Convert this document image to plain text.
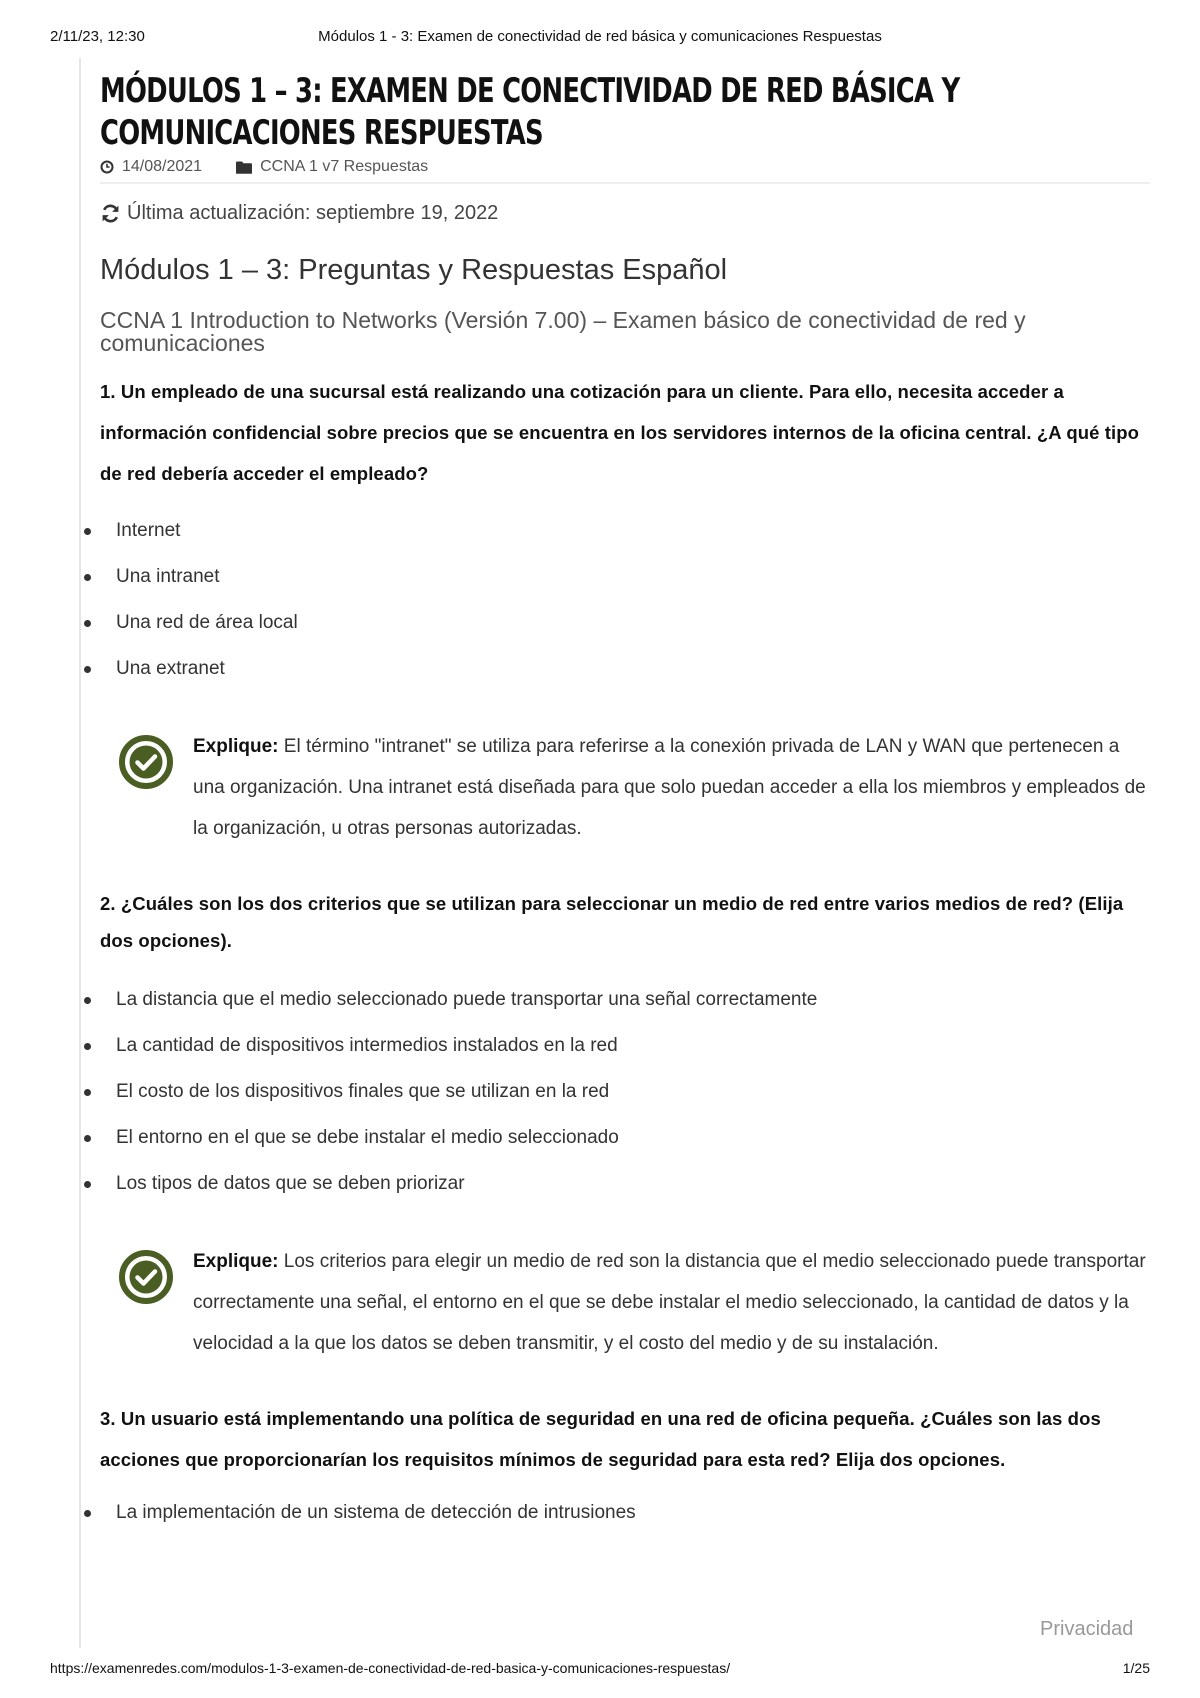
2/11/23, 12:30	Módulos 1 - 3: Examen de conectividad de red básica y comunicaciones Respuestas
MÓDULOS 1 – 3: EXAMEN DE CONECTIVIDAD DE RED BÁSICA Y COMUNICACIONES RESPUESTAS
14/08/2021	CCNA 1 v7 Respuestas
Última actualización: septiembre 19, 2022
Módulos 1 – 3: Preguntas y Respuestas Español
CCNA 1 Introduction to Networks (Versión 7.00) – Examen básico de conectividad de red y comunicaciones

1. Un empleado de una sucursal está realizando una cotización para un cliente. Para ello, necesita acceder a información confidencial sobre precios que se encuentra en los servidores internos de la oficina central. ¿A qué tipo de red debería acceder el empleado?

Internet
Una intranet
Una red de área local
Una extranet
Explique: El término "intranet" se utiliza para referirse a la conexión privada de LAN y WAN que pertenecen a una organización. Una intranet está diseñada para que solo puedan acceder a ella los miembros y empleados de la organización, u otras personas autorizadas.

2. ¿Cuáles son los dos criterios que se utilizan para seleccionar un medio de red entre varios medios de red? (Elija dos opciones).

La distancia que el medio seleccionado puede transportar una señal correctamente
La cantidad de dispositivos intermedios instalados en la red
El costo de los dispositivos finales que se utilizan en la red
El entorno en el que se debe instalar el medio seleccionado
Los tipos de datos que se deben priorizar
Explique: Los criterios para elegir un medio de red son la distancia que el medio seleccionado puede transportar correctamente una señal, el entorno en el que se debe instalar el medio seleccionado, la cantidad de datos y la velocidad a la que los datos se deben transmitir, y el costo del medio y de su instalación.

3. Un usuario está implementando una política de seguridad en una red de oficina pequeña. ¿Cuáles son las dos acciones que proporcionarían los requisitos mínimos de seguridad para esta red? Elija dos opciones.

La implementación de un sistema de detección de intrusiones
Privacidad
https://examenredes.com/modulos-1-3-examen-de-conectividad-de-red-basica-y-comunicaciones-respuestas/	1/25
